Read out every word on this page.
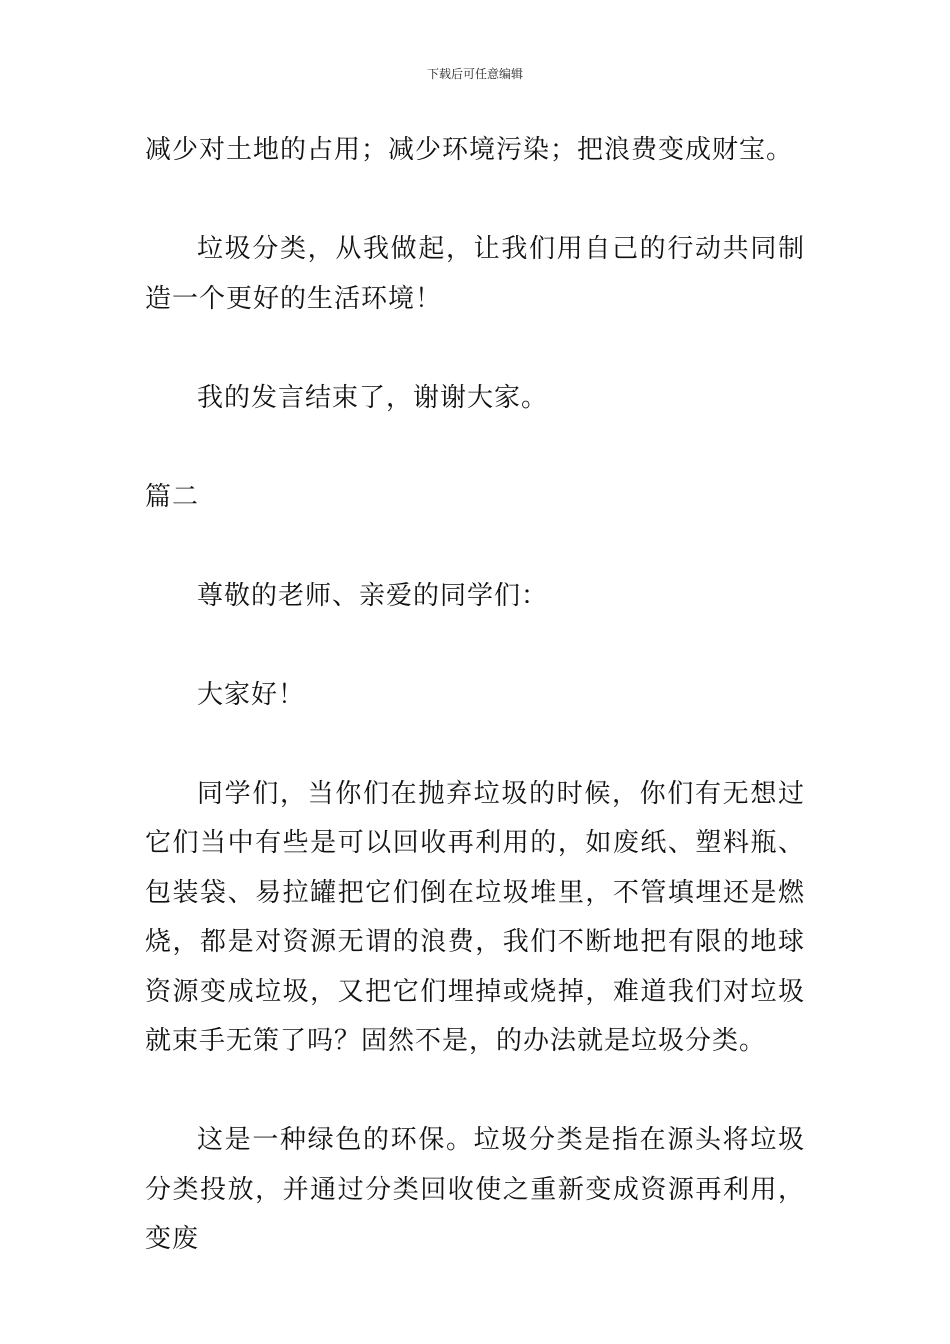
下载后可任意编辑

减少对土地的占用；减少环境污染；把浪费变成财宝。

垃圾分类，从我做起，让我们用自己的行动共同制造一个更好的生活环境！

我的发言结束了，谢谢大家。

篇二

尊敬的老师、亲爱的同学们：

大家好！

同学们，当你们在抛弃垃圾的时候，你们有无想过它们当中有些是可以回收再利用的，如废纸、塑料瓶、包装袋、易拉罐把它们倒在垃圾堆里，不管填埋还是燃烧，都是对资源无谓的浪费，我们不断地把有限的地球资源变成垃圾，又把它们埋掉或烧掉，难道我们对垃圾就束手无策了吗？固然不是，的办法就是垃圾分类。

这是一种绿色的环保。垃圾分类是指在源头将垃圾分类投放，并通过分类回收使之重新变成资源再利用，变废
